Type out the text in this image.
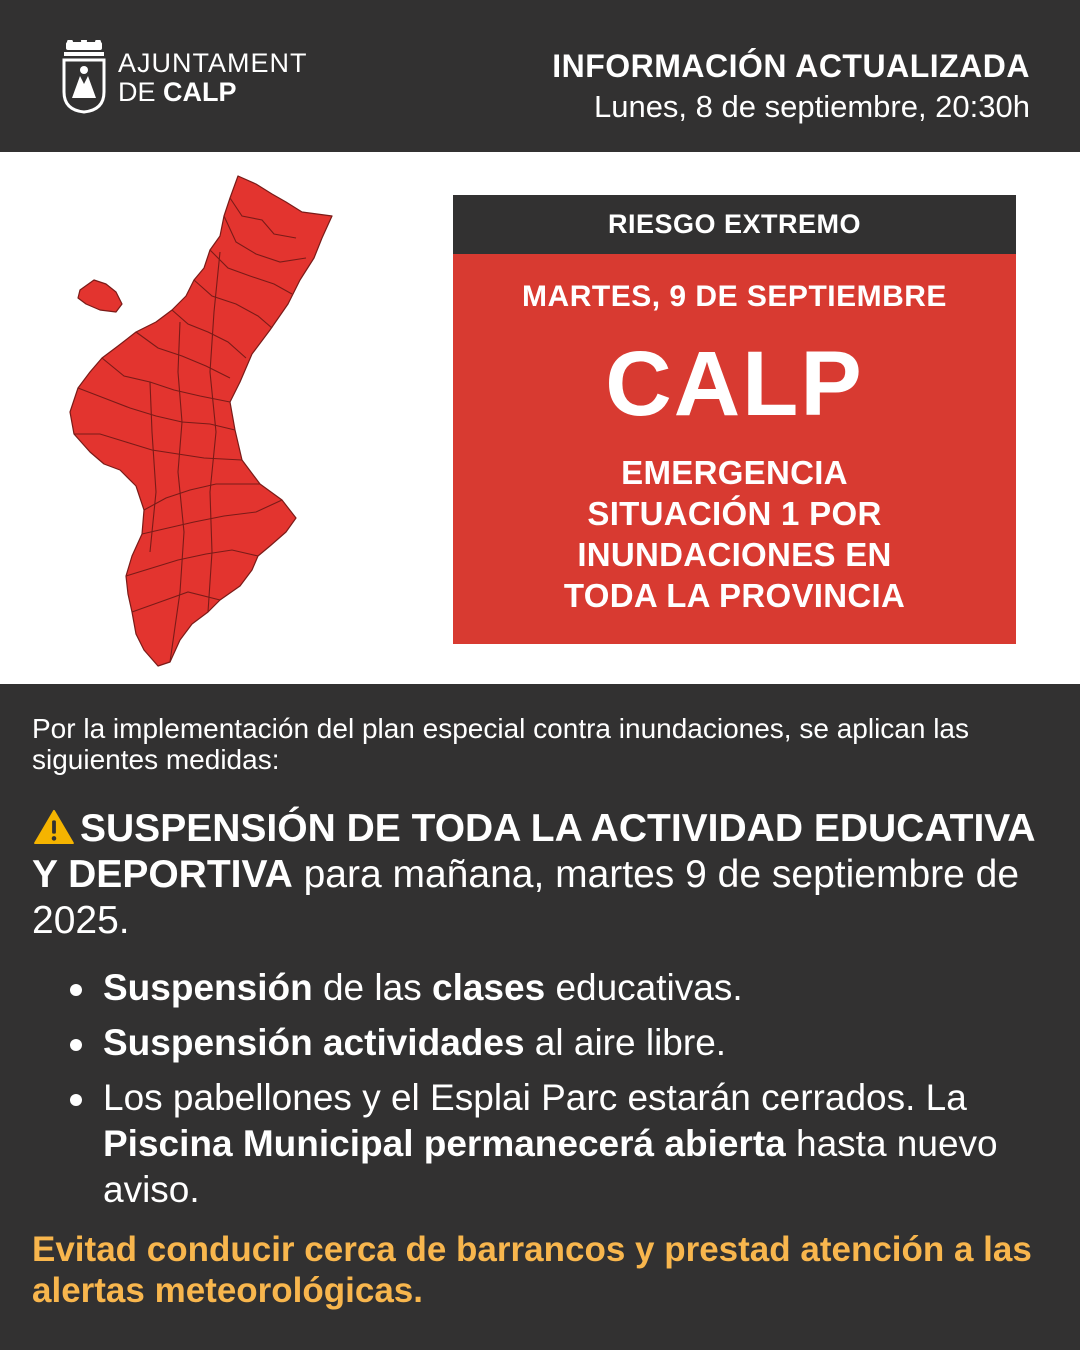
AJUNTAMENT
DE CALP
INFORMACIÓN ACTUALIZADA
Lunes, 8 de septiembre, 20:30h
RIESGO EXTREMO
MARTES, 9 DE SEPTIEMBRE
CALP
EMERGENCIA
SITUACIÓN 1 POR
INUNDACIONES EN
TODA LA PROVINCIA
Por la implementación del plan especial contra inundaciones, se aplican las siguientes medidas:
SUSPENSIÓN DE TODA LA ACTIVIDAD EDUCATIVA Y DEPORTIVA para mañana, martes 9 de septiembre de 2025.
Suspensión de las clases educativas.
Suspensión actividades al aire libre.
Los pabellones y el Esplai Parc estarán cerrados. La Piscina Municipal permanecerá abierta hasta nuevo aviso.
Evitad conducir cerca de barrancos y prestad atención a las alertas meteorológicas.
